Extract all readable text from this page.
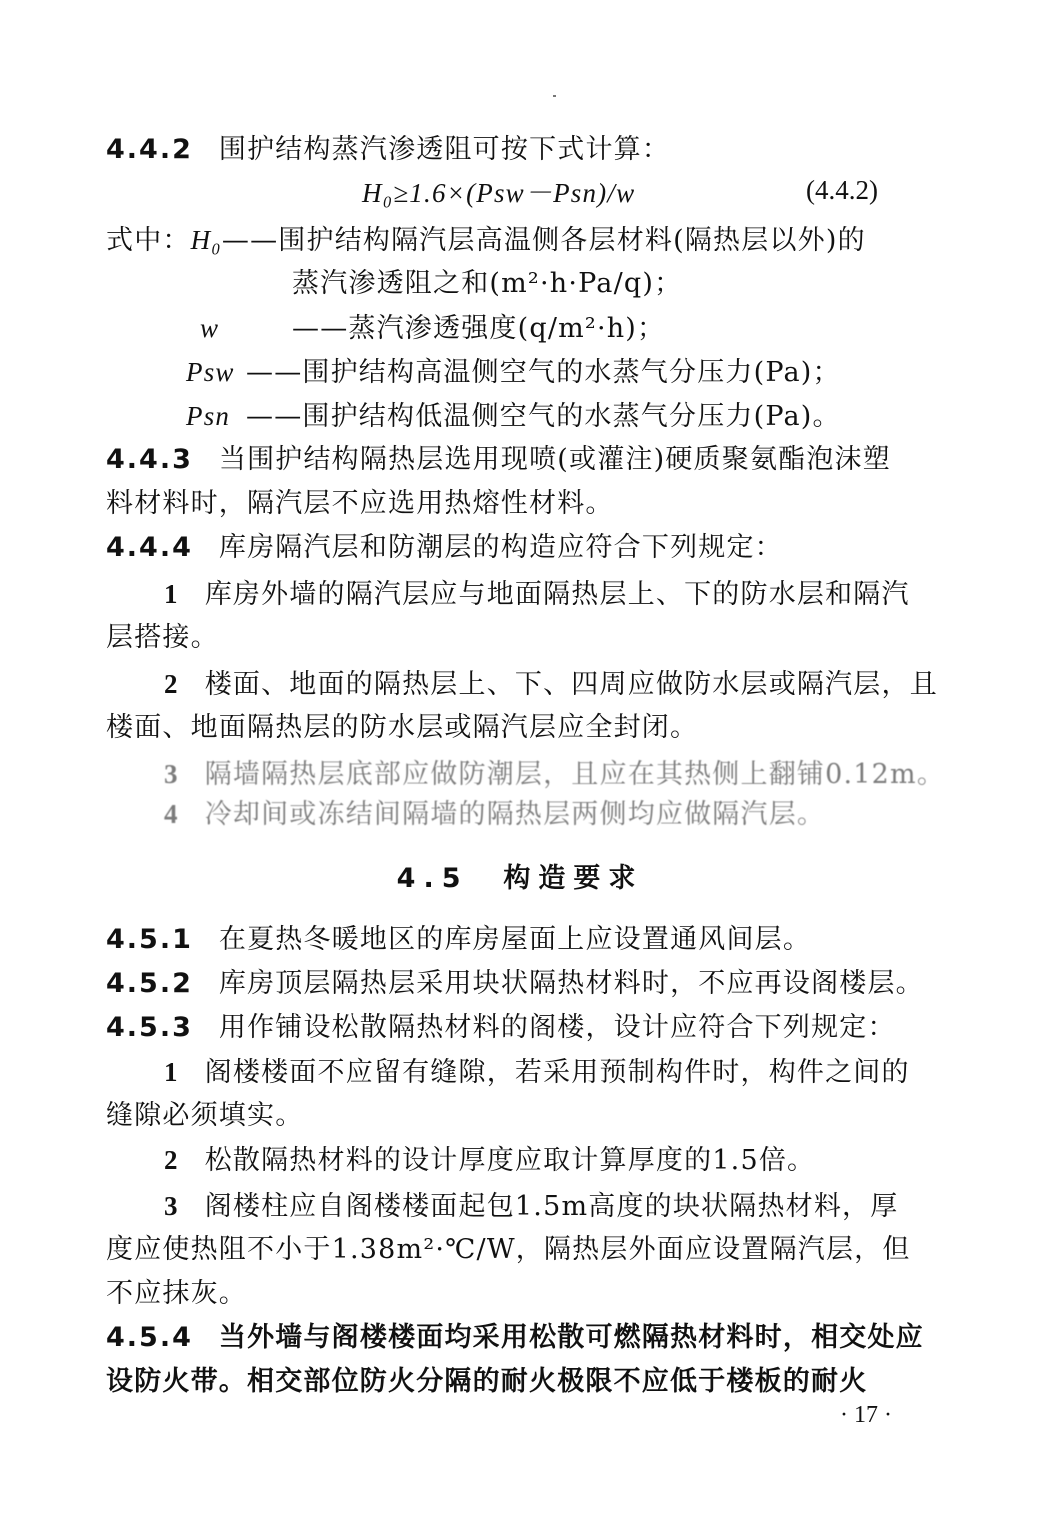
4.4.2 围护结构蒸汽渗透阻可按下式计算：
H₀≥1.6×(Psw－Psn)/w	(4.4.2)
式中：H₀——围护结构隔汽层高温侧各层材料(隔热层以外)的
蒸汽渗透阻之和(m²·h·Pa/q)；
w	——蒸汽渗透强度(q/m²·h)；
Psw ——围护结构高温侧空气的水蒸气分压力(Pa)；
Psn ——围护结构低温侧空气的水蒸气分压力(Pa)。
4.4.3 当围护结构隔热层选用现喷(或灌注)硬质聚氨酯泡沫塑
料材料时，隔汽层不应选用热熔性材料。
4.4.4 库房隔汽层和防潮层的构造应符合下列规定：
1 库房外墙的隔汽层应与地面隔热层上、下的防水层和隔汽
层搭接。
2 楼面、地面的隔热层上、下、四周应做防水层或隔汽层，且
楼面、地面隔热层的防水层或隔汽层应全封闭。
3 隔墙隔热层底部应做防潮层，且应在其热侧上翻铺0.12m。
4 冷却间或冻结间隔墙的隔热层两侧均应做隔汽层。
4.5 构造要求
4.5.1 在夏热冬暖地区的库房屋面上应设置通风间层。
4.5.2 库房顶层隔热层采用块状隔热材料时，不应再设阁楼层。
4.5.3 用作铺设松散隔热材料的阁楼，设计应符合下列规定：
1 阁楼楼面不应留有缝隙，若采用预制构件时，构件之间的
缝隙必须填实。
2 松散隔热材料的设计厚度应取计算厚度的1.5倍。
3 阁楼柱应自阁楼楼面起包1.5m高度的块状隔热材料，厚
度应使热阻不小于1.38m²·℃/W，隔热层外面应设置隔汽层，但
不应抹灰。
4.5.4 当外墙与阁楼楼面均采用松散可燃隔热材料时，相交处应
设防火带。相交部位防火分隔的耐火极限不应低于楼板的耐火
· 17 ·
